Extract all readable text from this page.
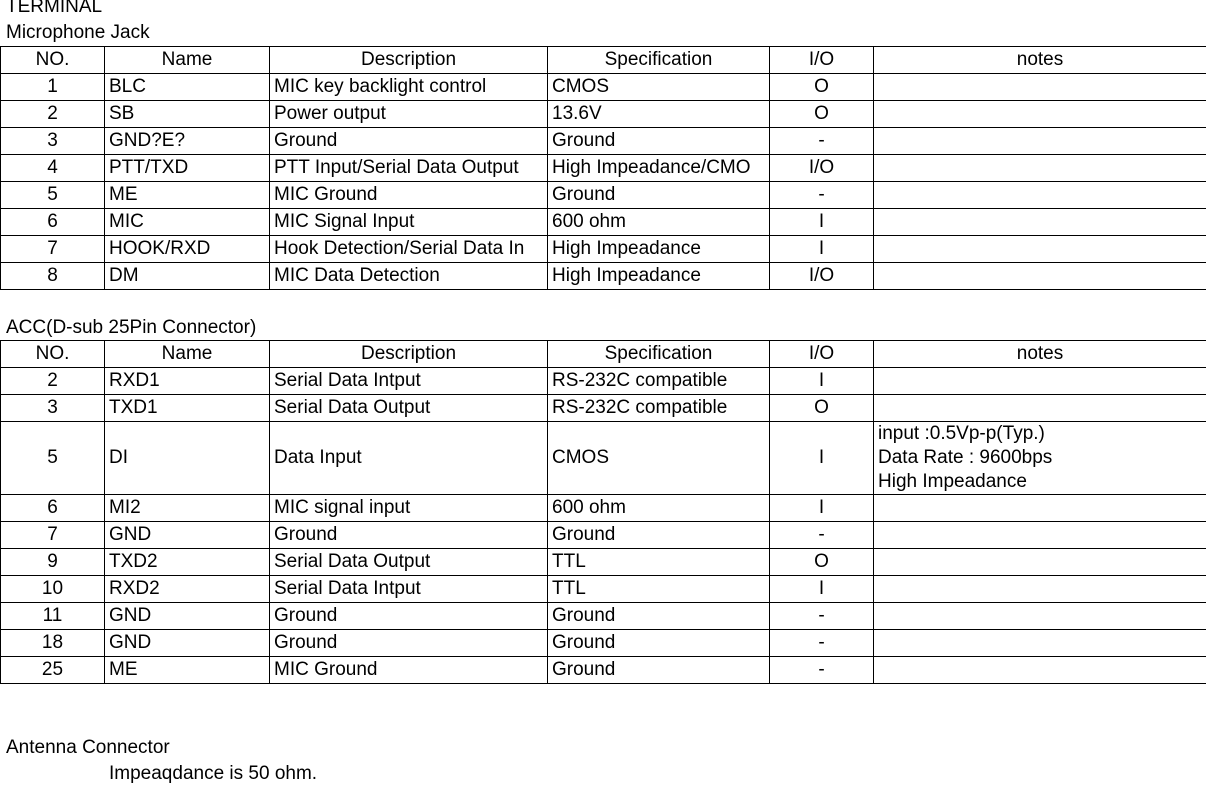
TERMINAL
Microphone Jack
NO.	Name	Description	Specification	I/O	notes
1	BLC	MIC key backlight control	CMOS	O	
2	SB	Power output	13.6V	O	
3	GND?E?	Ground	Ground	-	
4	PTT/TXD	PTT Input/Serial Data Output	High Impeadance/CMO	I/O	
5	ME	MIC Ground	Ground	-	
6	MIC	MIC Signal Input	600 ohm	I	
7	HOOK/RXD	Hook Detection/Serial Data In	High Impeadance	I	
8	DM	MIC Data Detection	High Impeadance	I/O	
ACC(D-sub 25Pin Connector)
NO.	Name	Description	Specification	I/O	notes
2	RXD1	Serial Data Intput	RS-232C compatible	I	
3	TXD1	Serial Data Output	RS-232C compatible	O	
5	DI	Data Input	CMOS	I	input :0.5Vp-p(Typ.)
Data Rate : 9600bps
High Impeadance

6	MI2	MIC signal input	600 ohm	I	
7	GND	Ground	Ground	-	
9	TXD2	Serial Data Output	TTL	O	
10	RXD2	Serial Data Intput	TTL	I	
11	GND	Ground	Ground	-	
18	GND	Ground	Ground	-	
25	ME	MIC Ground	Ground	-	
Antenna Connector
Impeaqdance is 50 ohm.
